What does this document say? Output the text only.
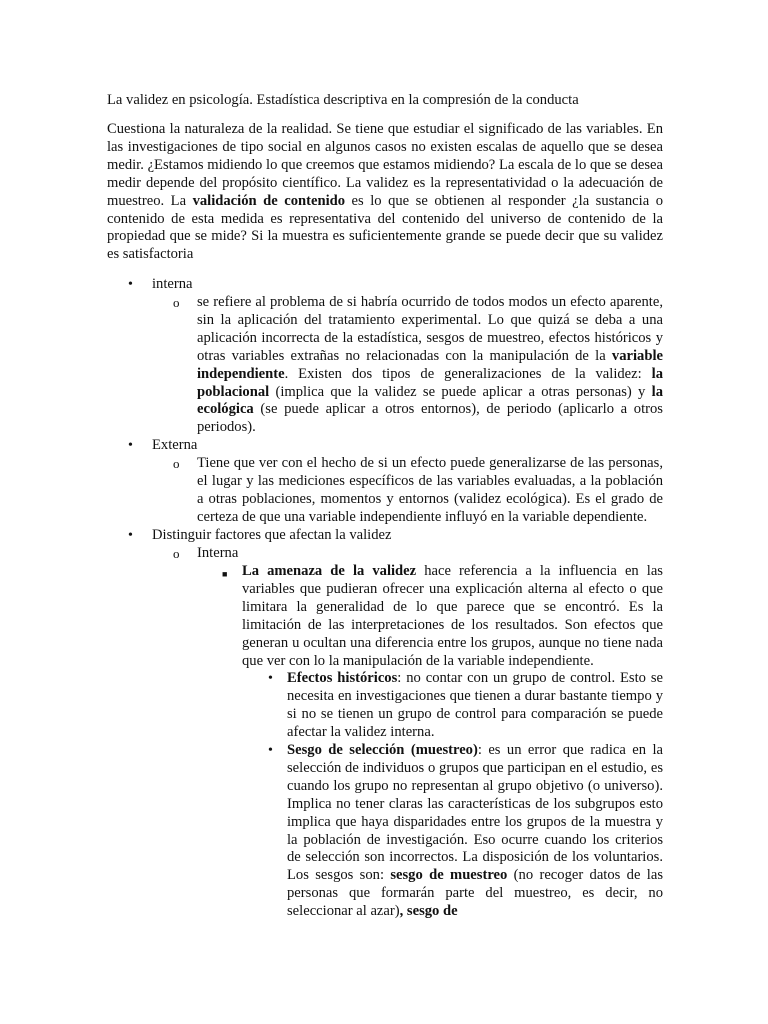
La validez en psicología. Estadística descriptiva en la compresión de la conducta

Cuestiona la naturaleza de la realidad. Se tiene que estudiar el significado de las variables. En las investigaciones de tipo social en algunos casos no existen escalas de aquello que se desea medir. ¿Estamos midiendo lo que creemos que estamos midiendo? La escala de lo que se desea medir depende del propósito científico. La validez es la representatividad o la adecuación de muestreo. La validación de contenido es lo que se obtienen al responder ¿la sustancia o contenido de esta medida es representativa del contenido del universo de contenido de la propiedad que se mide? Si la muestra es suficientemente grande se puede decir que su validez es satisfactoria

• interna
o se refiere al problema de si habría ocurrido de todos modos un efecto aparente, sin la aplicación del tratamiento experimental. Lo que quizá se deba a una aplicación incorrecta de la estadística, sesgos de muestreo, efectos históricos y otras variables extrañas no relacionadas con la manipulación de la variable independiente. Existen dos tipos de generalizaciones de la validez: la poblacional (implica que la validez se puede aplicar a otras personas) y la ecológica (se puede aplicar a otros entornos), de periodo (aplicarlo a otros periodos).
• Externa
o Tiene que ver con el hecho de si un efecto puede generalizarse de las personas, el lugar y las mediciones específicos de las variables evaluadas, a la población a otras poblaciones, momentos y entornos (validez ecológica). Es el grado de certeza de que una variable independiente influyó en la variable dependiente.
• Distinguir factores que afectan la validez
o Interna
■ La amenaza de la validez hace referencia a la influencia en las variables que pudieran ofrecer una explicación alterna al efecto o que limitara la generalidad de lo que parece que se encontró. Es la limitación de las interpretaciones de los resultados. Son efectos que generan u ocultan una diferencia entre los grupos, aunque no tiene nada que ver con lo la manipulación de la variable independiente.
• Efectos históricos: no contar con un grupo de control. Esto se necesita en investigaciones que tienen a durar bastante tiempo y si no se tienen un grupo de control para comparación se puede afectar la validez interna.
• Sesgo de selección (muestreo): es un error que radica en la selección de individuos o grupos que participan en el estudio, es cuando los grupo no representan al grupo objetivo (o universo). Implica no tener claras las características de los subgrupos esto implica que haya disparidades entre los grupos de la muestra y la población de investigación. Eso ocurre cuando los criterios de selección son incorrectos. La disposición de los voluntarios. Los sesgos son: sesgo de muestreo (no recoger datos de las personas que formarán parte del muestreo, es decir, no seleccionar al azar), sesgo de
